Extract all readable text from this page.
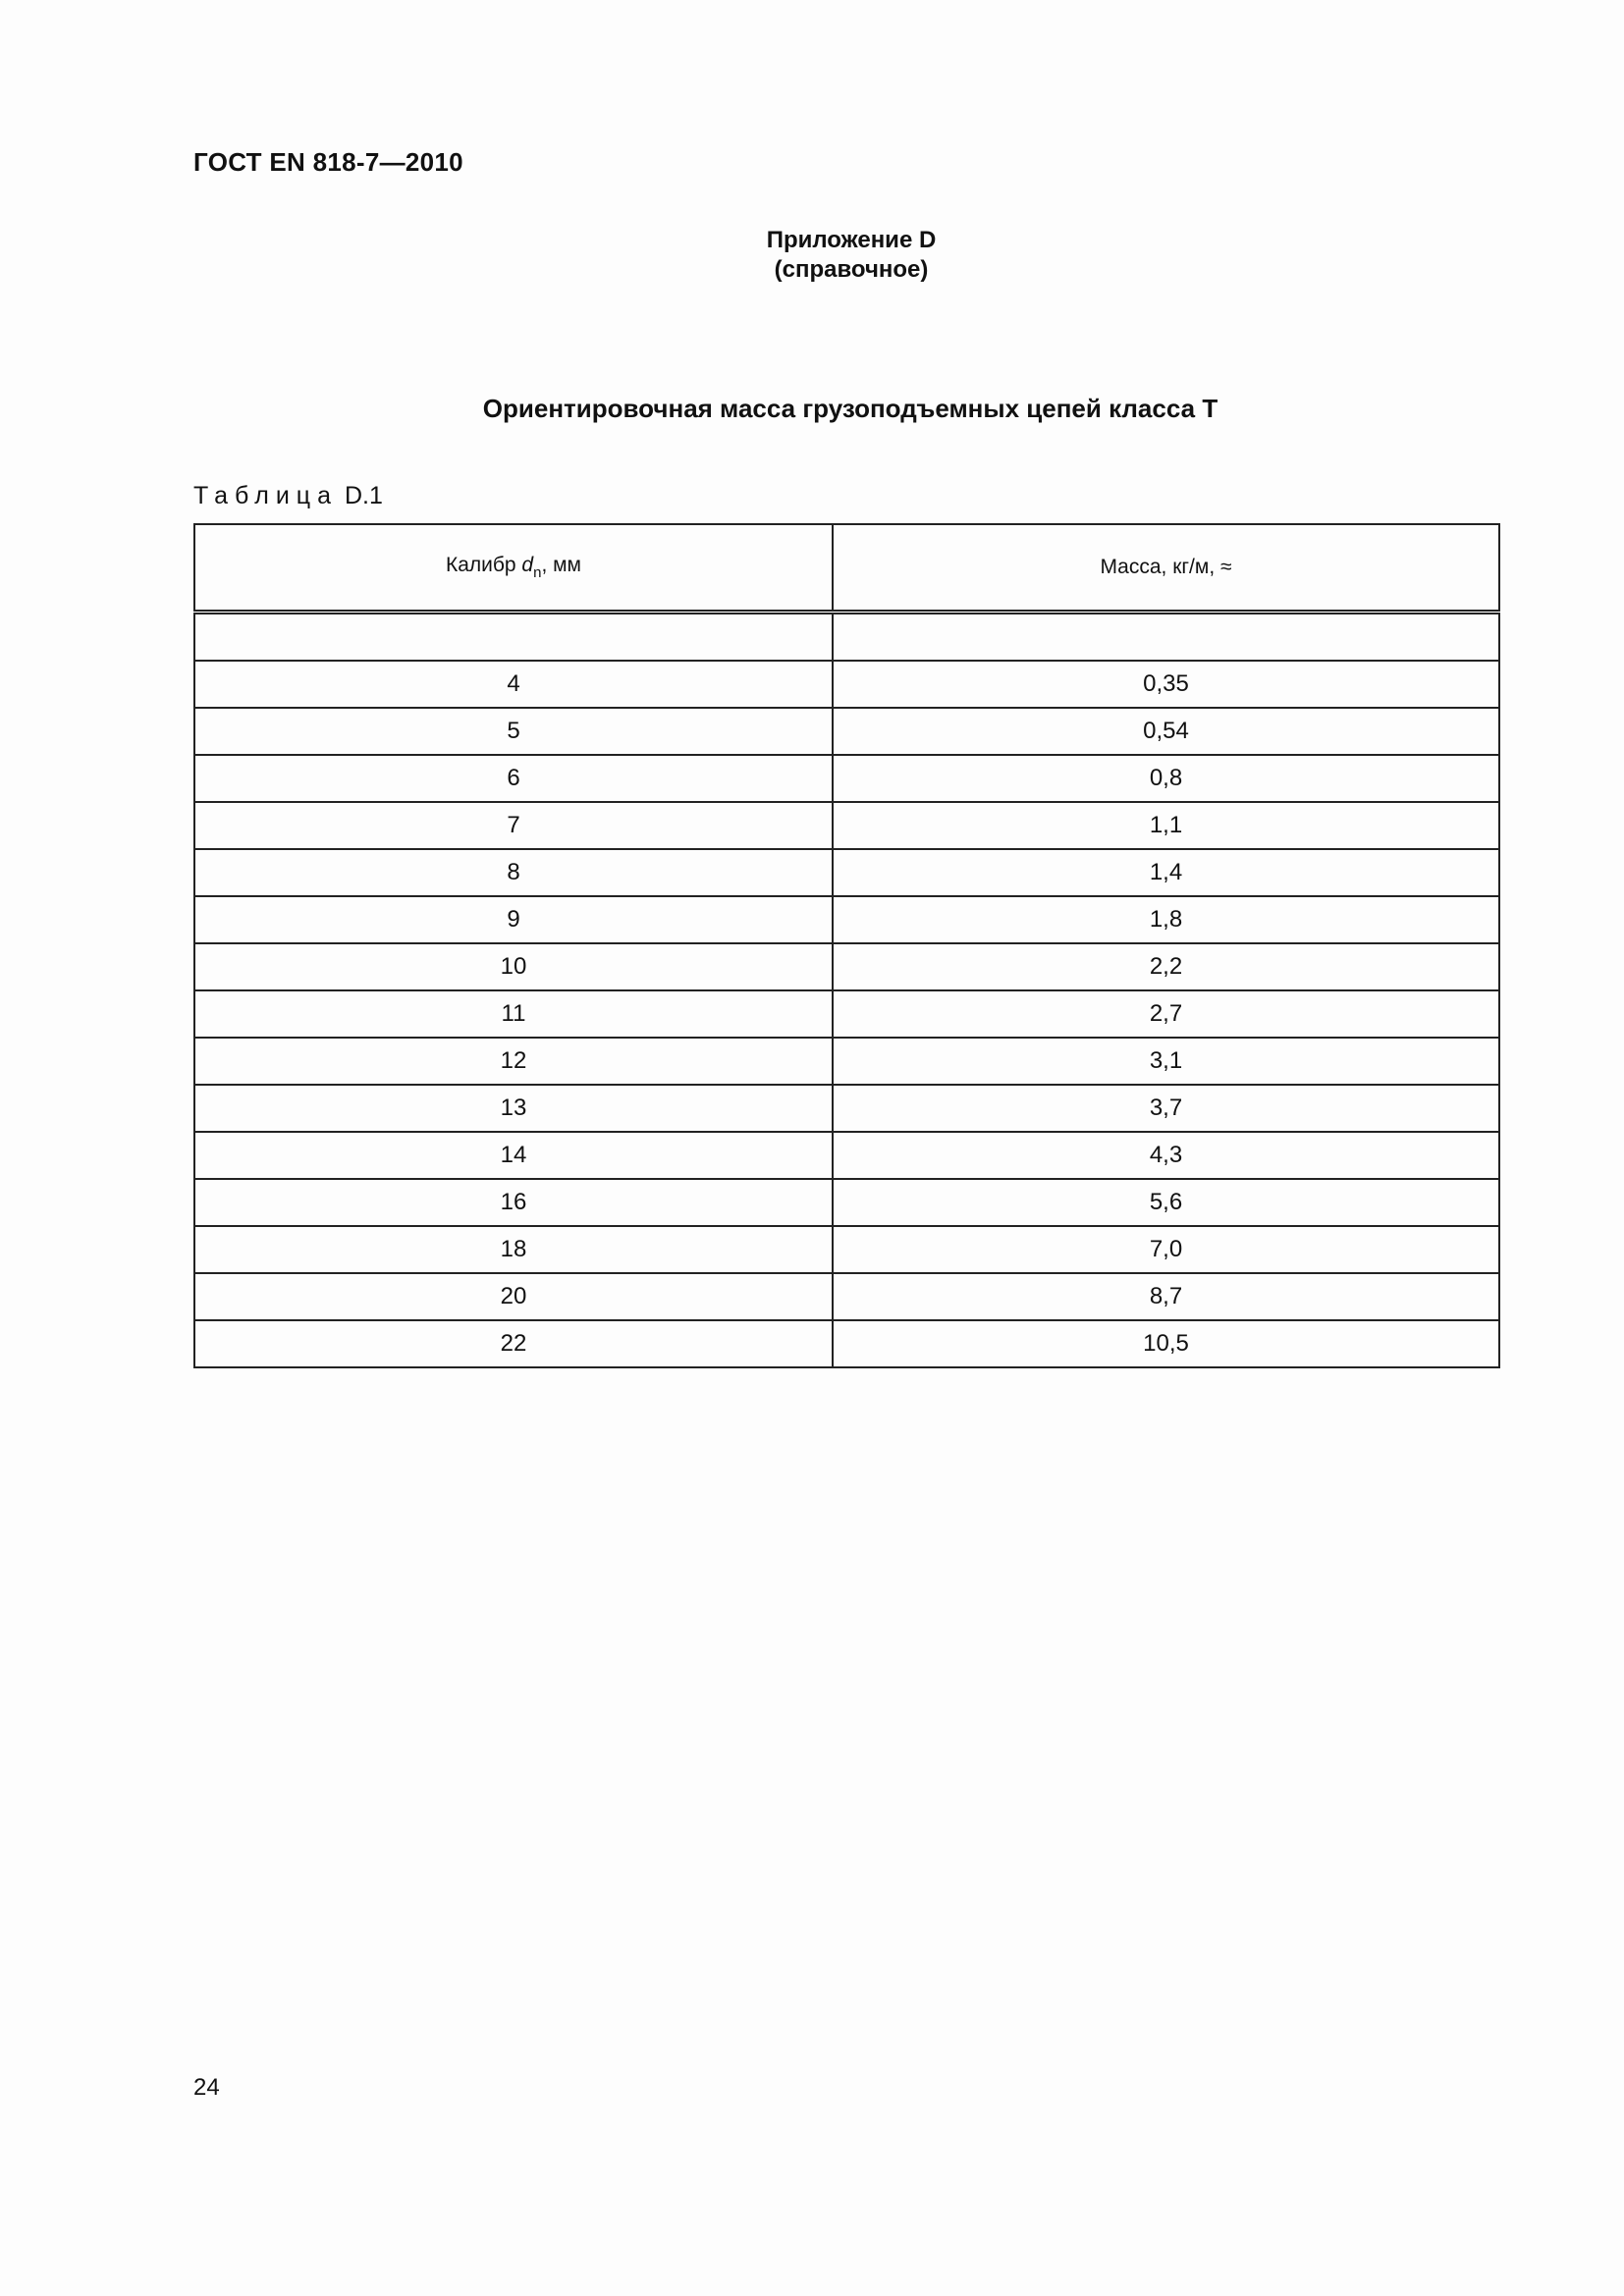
ГОСТ EN 818-7—2010
Приложение D
(справочное)
Ориентировочная масса грузоподъемных цепей класса Т
Таблица D.1
Калибр $d_n$, мм	Масса, кг/м, ≈

4	0,35
5	0,54
6	0,8
7	1,1
8	1,4
9	1,8
10	2,2
11	2,7
12	3,1
13	3,7
14	4,3
16	5,6
18	7,0
20	8,7
22	10,5
24
